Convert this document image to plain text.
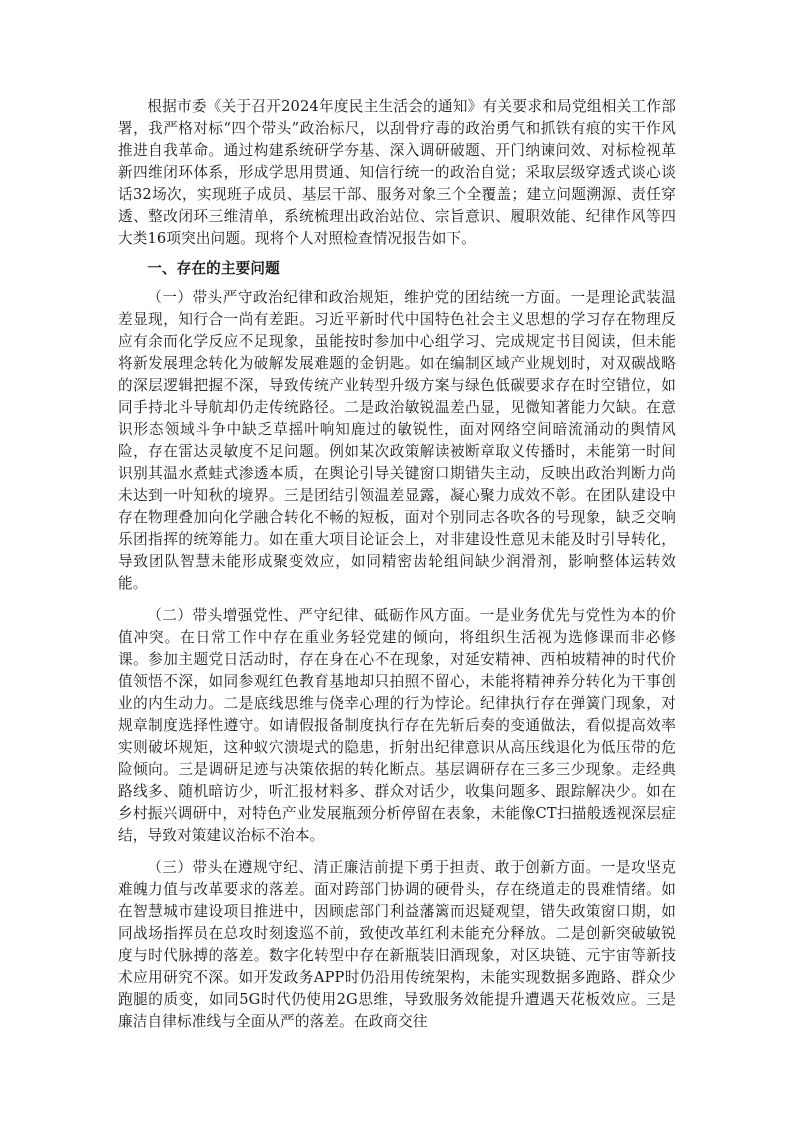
根据市委《关于召开2024年度民主生活会的通知》有关要求和局党组相关工作部署，我严格对标“四个带头”政治标尺，以刮骨疗毒的政治勇气和抓铁有痕的实干作风推进自我革命。通过构建系统研学夯基、深入调研破题、开门纳谏问效、对标检视革新四维闭环体系，形成学思用贯通、知信行统一的政治自觉；采取层级穿透式谈心谈话32场次，实现班子成员、基层干部、服务对象三个全覆盖；建立问题溯源、责任穿透、整改闭环三维清单，系统梳理出政治站位、宗旨意识、履职效能、纪律作风等四大类16项突出问题。现将个人对照检查情况报告如下。

一、存在的主要问题

（一）带头严守政治纪律和政治规矩，维护党的团结统一方面。一是理论武装温差显现，知行合一尚有差距。习近平新时代中国特色社会主义思想的学习存在物理反应有余而化学反应不足现象，虽能按时参加中心组学习、完成规定书目阅读，但未能将新发展理念转化为破解发展难题的金钥匙。如在编制区域产业规划时，对双碳战略的深层逻辑把握不深，导致传统产业转型升级方案与绿色低碳要求存在时空错位，如同手持北斗导航却仍走传统路径。二是政治敏锐温差凸显，见微知著能力欠缺。在意识形态领域斗争中缺乏草摇叶响知鹿过的敏锐性，面对网络空间暗流涌动的舆情风险，存在雷达灵敏度不足问题。例如某次政策解读被断章取义传播时，未能第一时间识别其温水煮蛙式渗透本质，在舆论引导关键窗口期错失主动，反映出政治判断力尚未达到一叶知秋的境界。三是团结引领温差显露，凝心聚力成效不彰。在团队建设中存在物理叠加向化学融合转化不畅的短板，面对个别同志各吹各的号现象，缺乏交响乐团指挥的统筹能力。如在重大项目论证会上，对非建设性意见未能及时引导转化，导致团队智慧未能形成聚变效应，如同精密齿轮组间缺少润滑剂，影响整体运转效能。

（二）带头增强党性、严守纪律、砥砺作风方面。一是业务优先与党性为本的价值冲突。在日常工作中存在重业务轻党建的倾向，将组织生活视为选修课而非必修课。参加主题党日活动时，存在身在心不在现象，对延安精神、西柏坡精神的时代价值领悟不深，如同参观红色教育基地却只拍照不留心，未能将精神养分转化为干事创业的内生动力。二是底线思维与侥幸心理的行为悖论。纪律执行存在弹簧门现象，对规章制度选择性遵守。如请假报备制度执行存在先斩后奏的变通做法，看似提高效率实则破坏规矩，这种蚁穴溃堤式的隐患，折射出纪律意识从高压线退化为低压带的危险倾向。三是调研足迹与决策依据的转化断点。基层调研存在三多三少现象。走经典路线多、随机暗访少，听汇报材料多、群众对话少，收集问题多、跟踪解决少。如在乡村振兴调研中，对特色产业发展瓶颈分析停留在表象，未能像CT扫描般透视深层症结，导致对策建议治标不治本。

（三）带头在遵规守纪、清正廉洁前提下勇于担责、敢于创新方面。一是攻坚克难魄力值与改革要求的落差。面对跨部门协调的硬骨头，存在绕道走的畏难情绪。如在智慧城市建设项目推进中，因顾虑部门利益藩篱而迟疑观望，错失政策窗口期，如同战场指挥员在总攻时刻逡巡不前，致使改革红利未能充分释放。二是创新突破敏锐度与时代脉搏的落差。数字化转型中存在新瓶装旧酒现象，对区块链、元宇宙等新技术应用研究不深。如开发政务APP时仍沿用传统架构，未能实现数据多跑路、群众少跑腿的质变，如同5G时代仍使用2G思维，导致服务效能提升遭遇天花板效应。三是廉洁自律标准线与全面从严的落差。在政商交往
